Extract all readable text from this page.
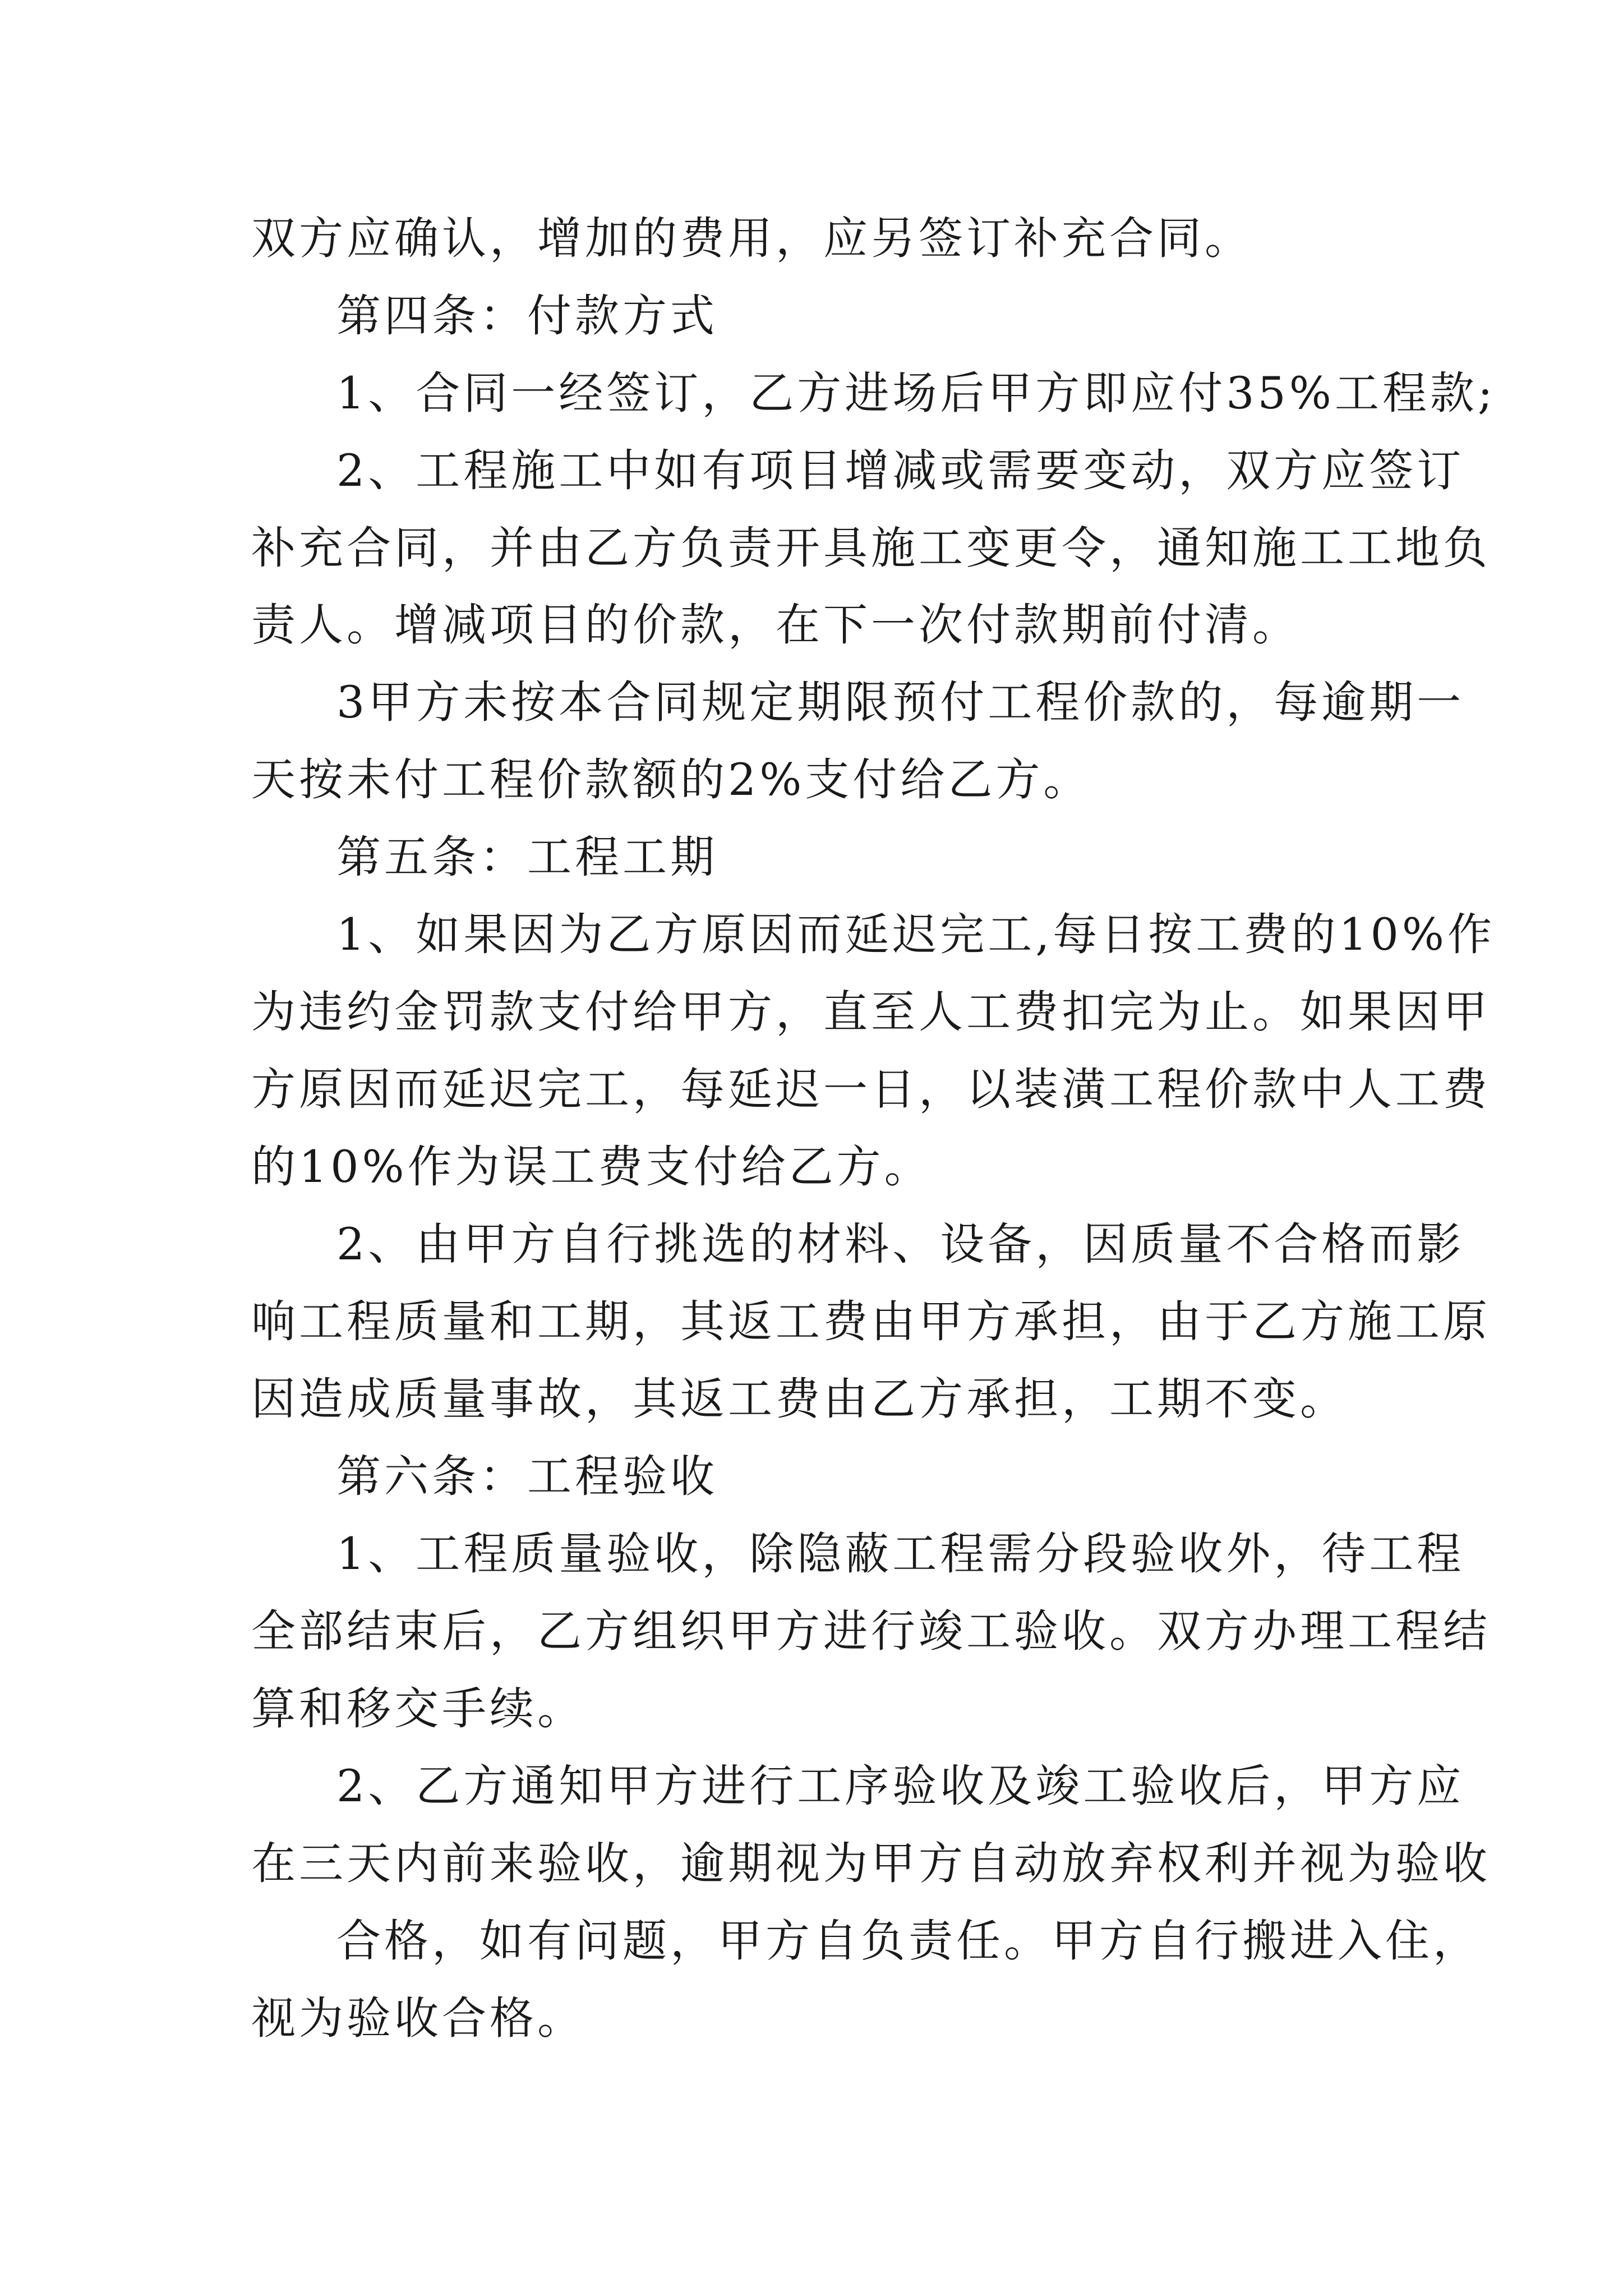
双方应确认，增加的费用，应另签订补充合同。
第四条：付款方式
1、合同一经签订，乙方进场后甲方即应付35%工程款;
2、工程施工中如有项目增减或需要变动，双方应签订
补充合同，并由乙方负责开具施工变更令，通知施工工地负
责人。增减项目的价款，在下一次付款期前付清。
3甲方未按本合同规定期限预付工程价款的，每逾期一
天按未付工程价款额的2%支付给乙方。
第五条：工程工期
1、如果因为乙方原因而延迟完工,每日按工费的10%作
为违约金罚款支付给甲方，直至人工费扣完为止。如果因甲
方原因而延迟完工，每延迟一日，以装潢工程价款中人工费
的10%作为误工费支付给乙方。
2、由甲方自行挑选的材料、设备，因质量不合格而影
响工程质量和工期，其返工费由甲方承担，由于乙方施工原
因造成质量事故，其返工费由乙方承担，工期不变。
第六条：工程验收
1、工程质量验收，除隐蔽工程需分段验收外，待工程
全部结束后，乙方组织甲方进行竣工验收。双方办理工程结
算和移交手续。
2、乙方通知甲方进行工序验收及竣工验收后，甲方应
在三天内前来验收，逾期视为甲方自动放弃权利并视为验收
合格，如有问题，甲方自负责任。甲方自行搬进入住，
视为验收合格。
